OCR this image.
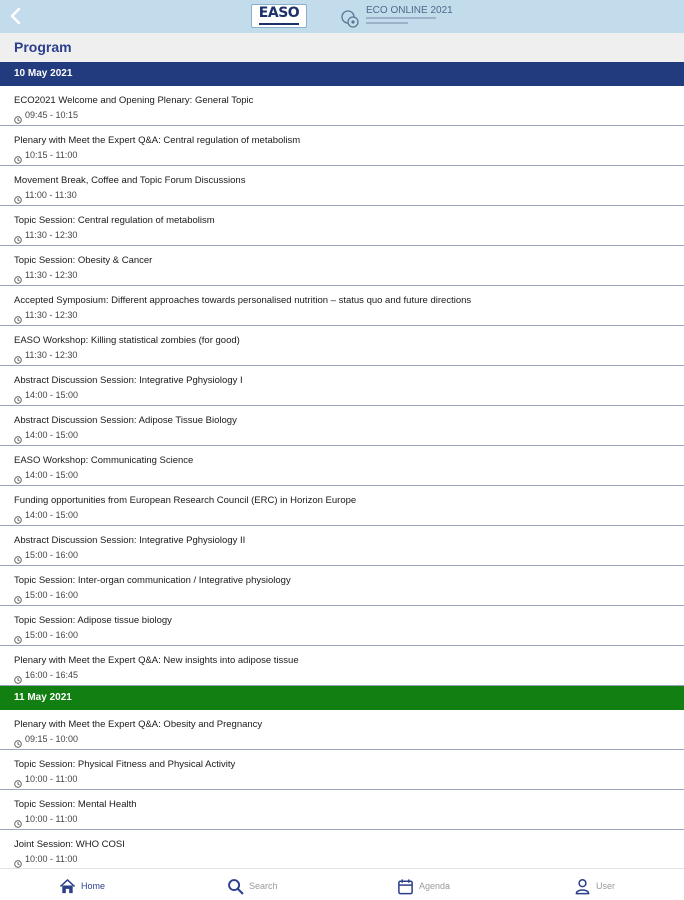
EASO	ECO ONLINE 2021
Program
10 May 2021
ECO2021 Welcome and Opening Plenary: General Topic
09:45 - 10:15
Plenary with Meet the Expert Q&A: Central regulation of metabolism
10:15 - 11:00
Movement Break, Coffee and Topic Forum Discussions
11:00 - 11:30
Topic Session: Central regulation of metabolism
11:30 - 12:30
Topic Session: Obesity & Cancer
11:30 - 12:30
Accepted Symposium: Different approaches towards personalised nutrition – status quo and future directions
11:30 - 12:30
EASO Workshop: Killing statistical zombies (for good)
11:30 - 12:30
Abstract Discussion Session: Integrative Pghysiology I
14:00 - 15:00
Abstract Discussion Session: Adipose Tissue Biology
14:00 - 15:00
EASO Workshop: Communicating Science
14:00 - 15:00
Funding opportunities from European Research Council (ERC) in Horizon Europe
14:00 - 15:00
Abstract Discussion Session: Integrative Pghysiology II
15:00 - 16:00
Topic Session: Inter-organ communication / Integrative physiology
15:00 - 16:00
Topic Session: Adipose tissue biology
15:00 - 16:00
Plenary with Meet the Expert Q&A: New insights into adipose tissue
16:00 - 16:45
11 May 2021
Plenary with Meet the Expert Q&A: Obesity and Pregnancy
09:15 - 10:00
Topic Session: Physical Fitness and Physical Activity
10:00 - 11:00
Topic Session: Mental Health
10:00 - 11:00
Joint Session: WHO COSI
10:00 - 11:00
Home	Search	Agenda	User
